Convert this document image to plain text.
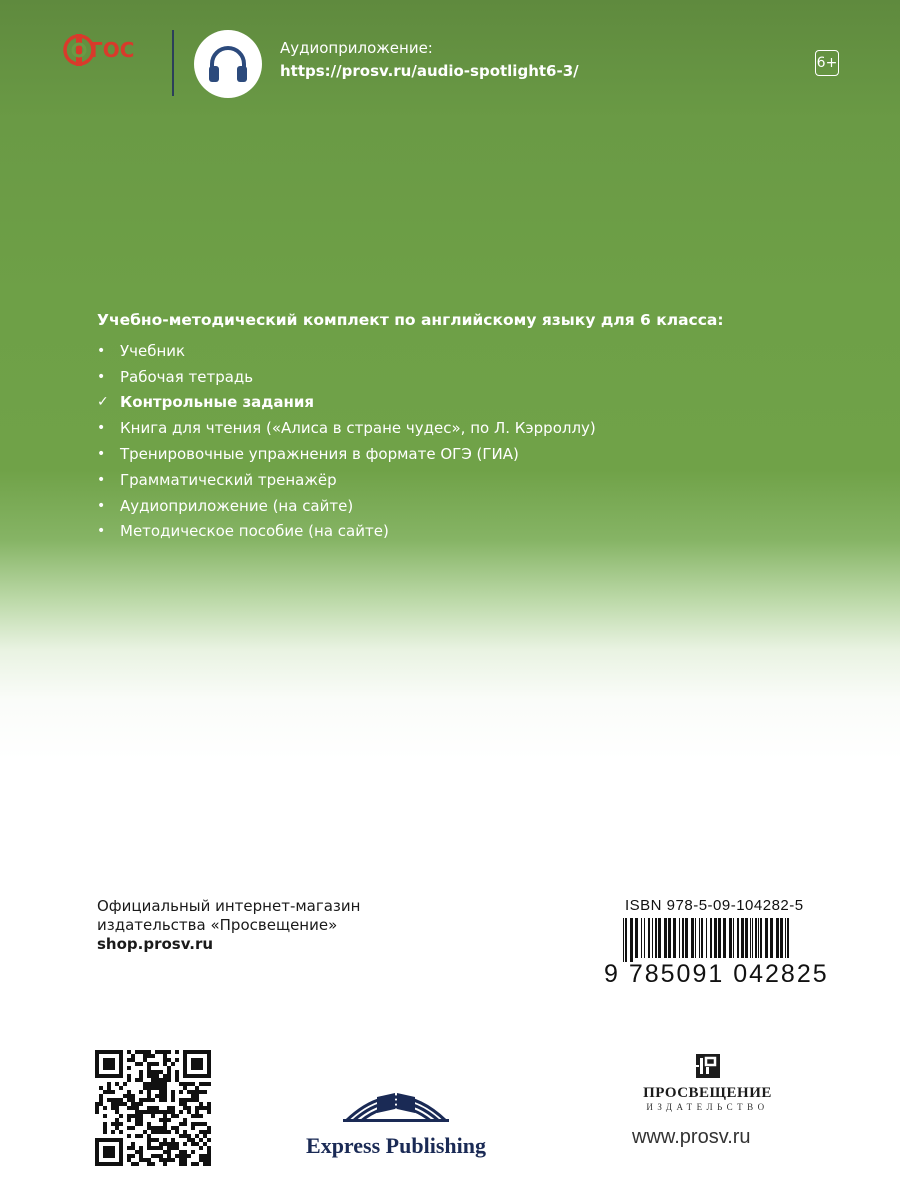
ГОС	Аудиоприложение:
https://prosv.ru/audio-spotlight6-3/	6+
Учебно-методический комплект по английскому языку для 6 класса:
• Учебник
• Рабочая тетрадь
✓ Контрольные задания
• Книга для чтения («Алиса в стране чудес», по Л. Кэрроллу)
• Тренировочные упражнения в формате ОГЭ (ГИА)
• Грамматический тренажёр
• Аудиоприложение (на сайте)
• Методическое пособие (на сайте)
Официальный интернет-магазин
издательства «Просвещение»
shop.prosv.ru
ISBN 978-5-09-104282-5
9 785091 042825
Express Publishing
ПРОСВЕЩЕНИЕ
ИЗДАТЕЛЬСТВО
www.prosv.ru
